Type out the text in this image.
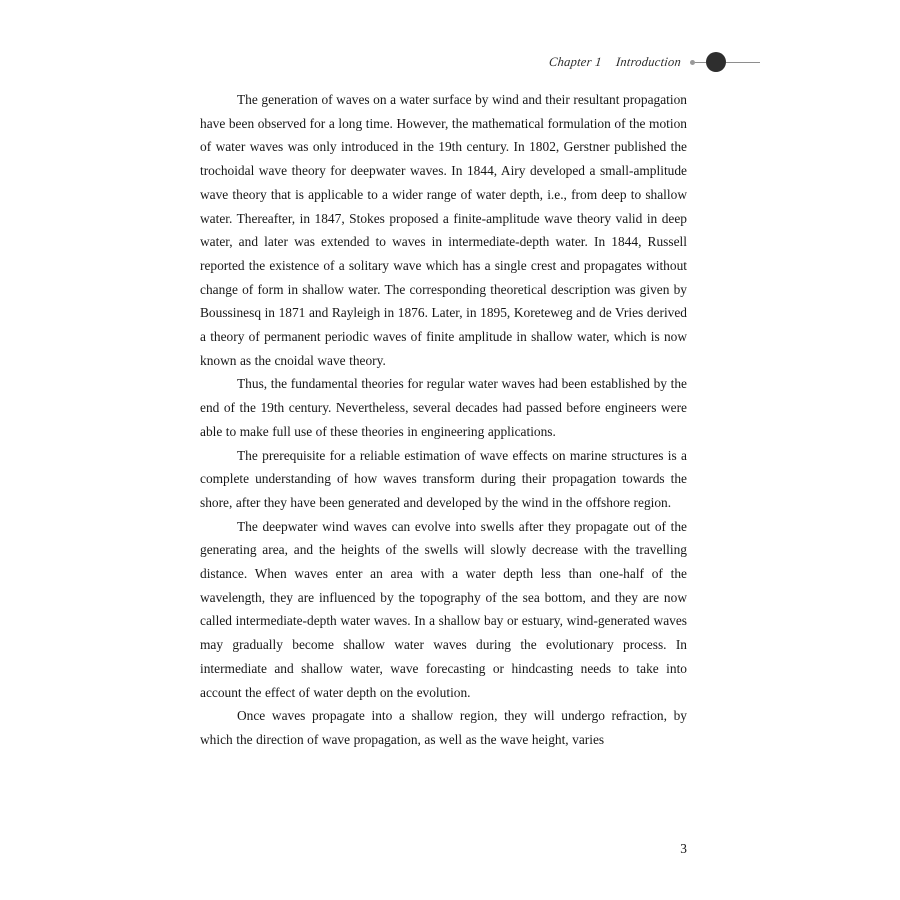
Chapter 1 Introduction

The generation of waves on a water surface by wind and their resultant propagation have been observed for a long time. However, the mathematical formulation of the motion of water waves was only introduced in the 19th century. In 1802, Gerstner published the trochoidal wave theory for deepwater waves. In 1844, Airy developed a small-amplitude wave theory that is applicable to a wider range of water depth, i.e., from deep to shallow water. Thereafter, in 1847, Stokes proposed a finite-amplitude wave theory valid in deep water, and later was extended to waves in intermediate-depth water. In 1844, Russell reported the existence of a solitary wave which has a single crest and propagates without change of form in shallow water. The corresponding theoretical description was given by Boussinesq in 1871 and Rayleigh in 1876. Later, in 1895, Koreteweg and de Vries derived a theory of permanent periodic waves of finite amplitude in shallow water, which is now known as the cnoidal wave theory.

Thus, the fundamental theories for regular water waves had been established by the end of the 19th century. Nevertheless, several decades had passed before engineers were able to make full use of these theories in engineering applications.

The prerequisite for a reliable estimation of wave effects on marine structures is a complete understanding of how waves transform during their propagation towards the shore, after they have been generated and developed by the wind in the offshore region.

The deepwater wind waves can evolve into swells after they propagate out of the generating area, and the heights of the swells will slowly decrease with the travelling distance. When waves enter an area with a water depth less than one-half of the wavelength, they are influenced by the topography of the sea bottom, and they are now called intermediate-depth water waves. In a shallow bay or estuary, wind-generated waves may gradually become shallow water waves during the evolutionary process. In intermediate and shallow water, wave forecasting or hindcasting needs to take into account the effect of water depth on the evolution.

Once waves propagate into a shallow region, they will undergo refraction, by which the direction of wave propagation, as well as the wave height, varies

3
